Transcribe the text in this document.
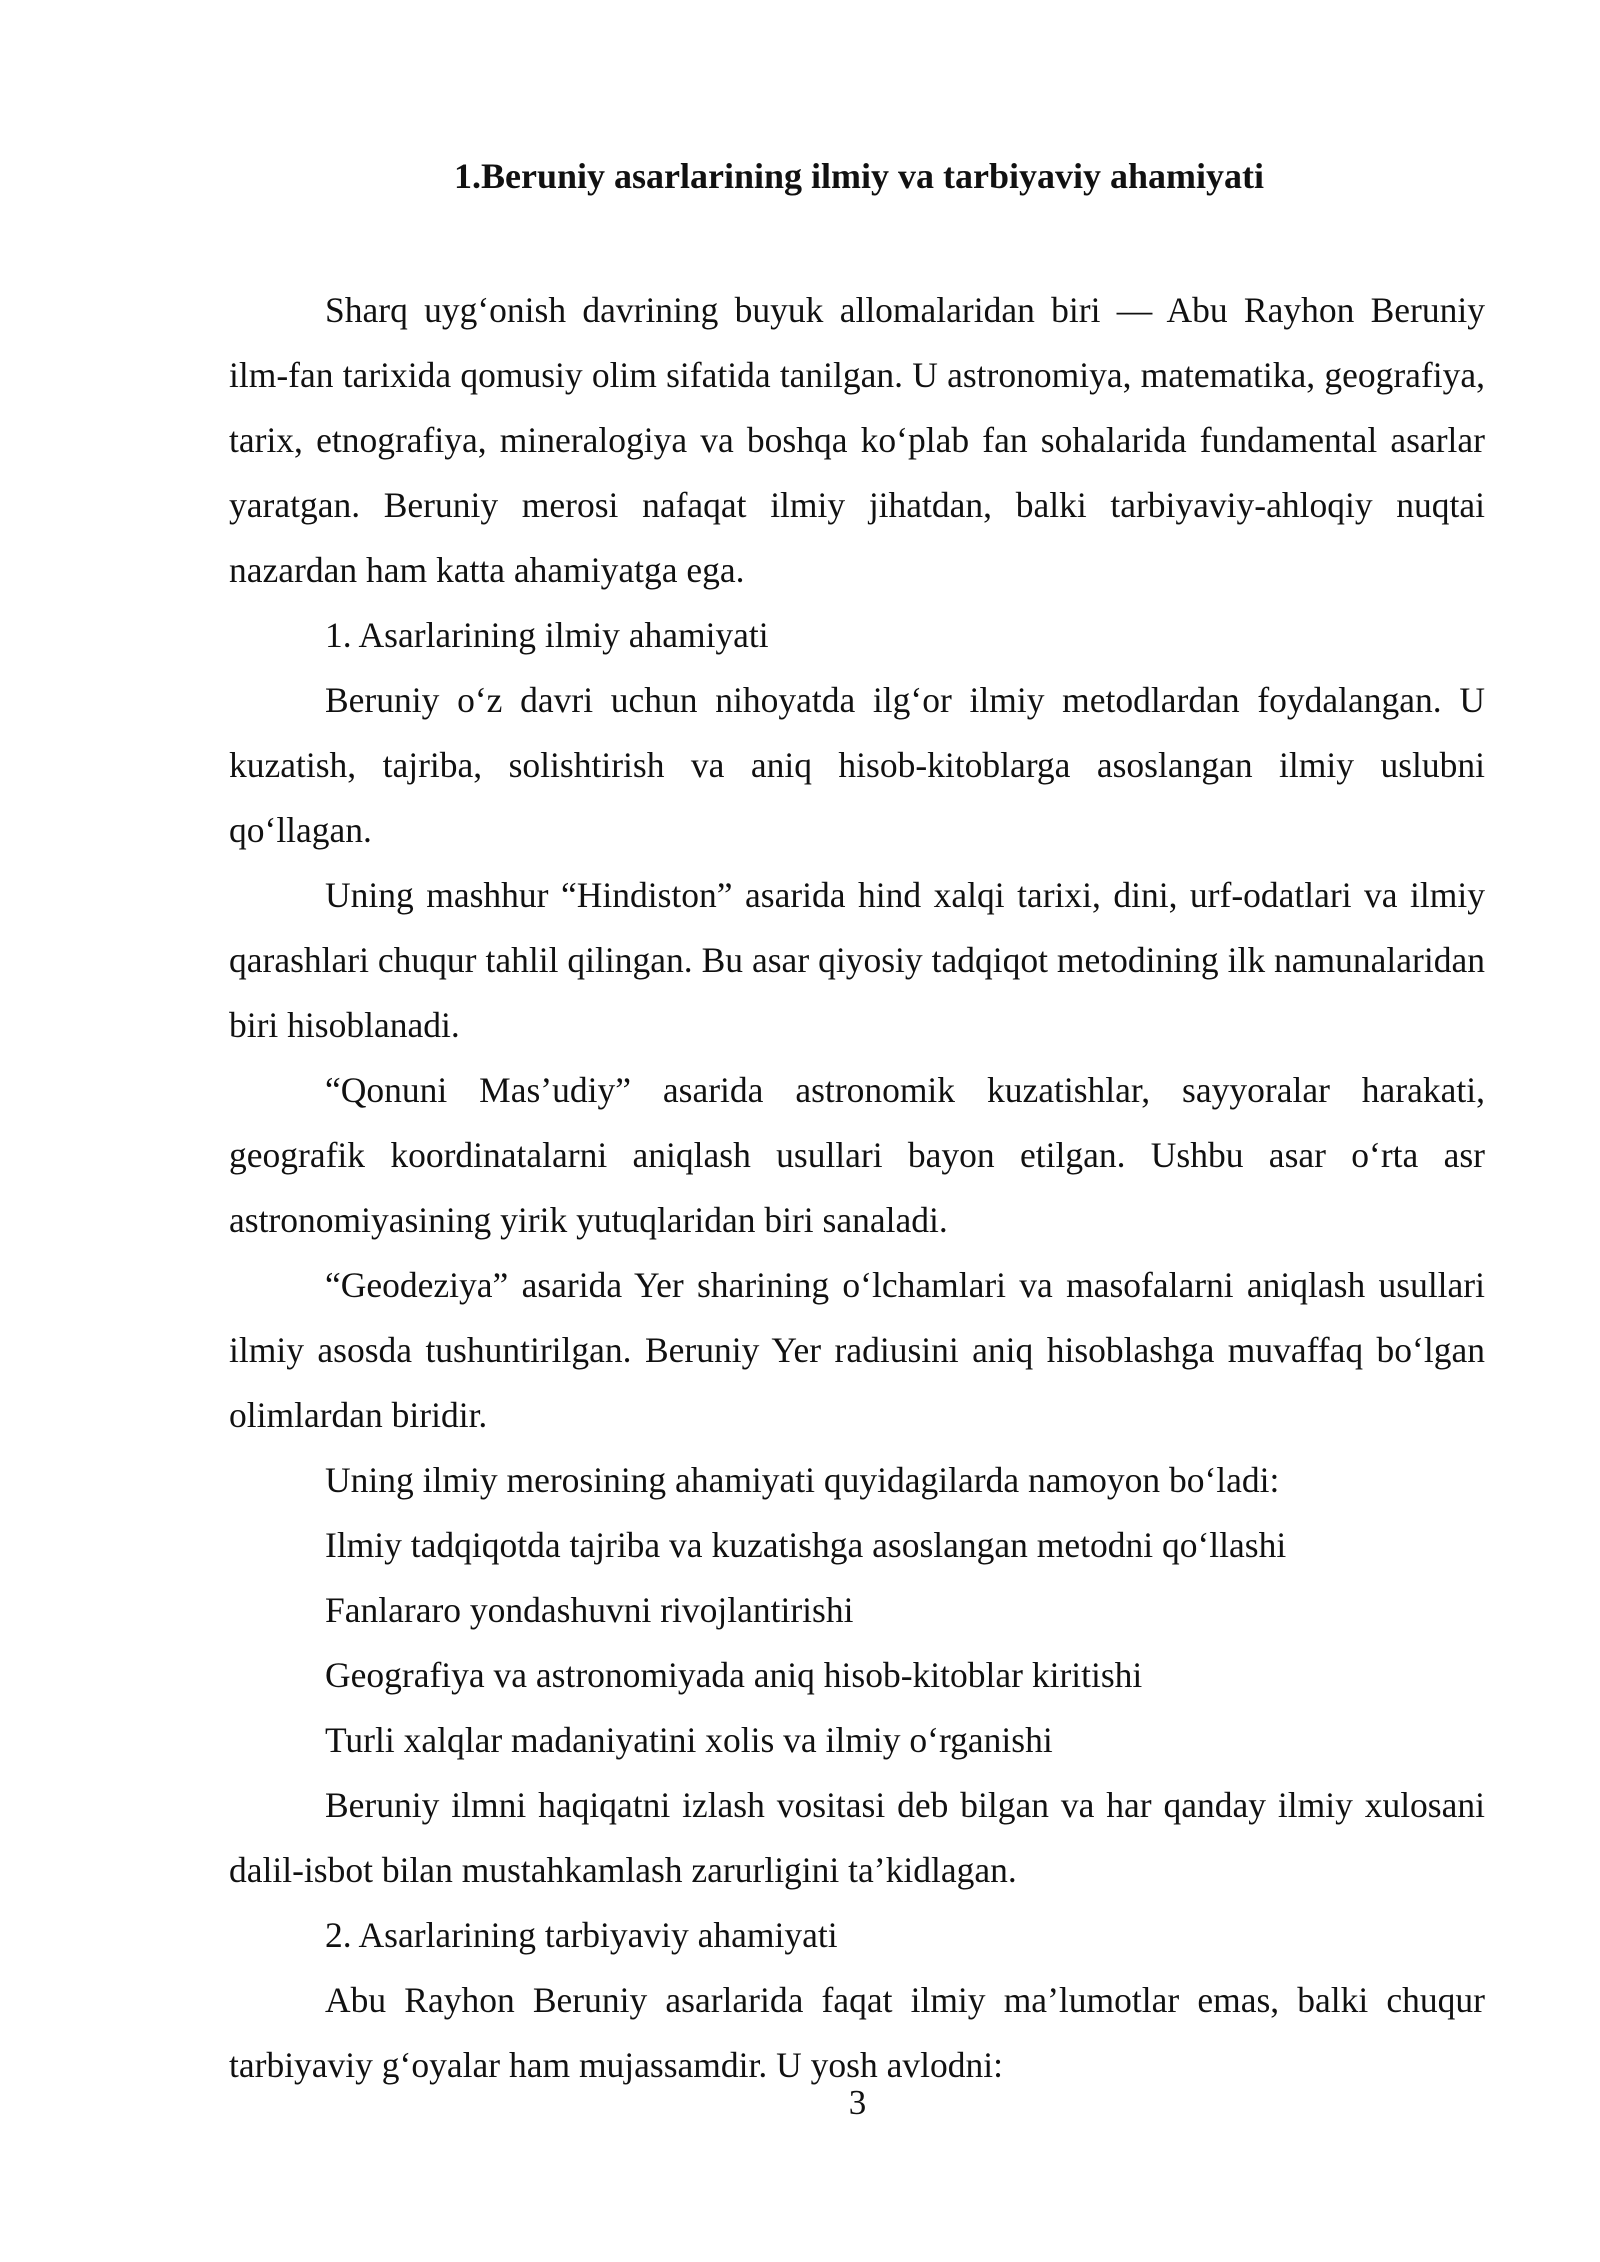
1.Beruniy asarlarining ilmiy va tarbiyaviy ahamiyati

Sharq uyg‘onish davrining buyuk allomalaridan biri — Abu Rayhon Beruniy ilm-fan tarixida qomusiy olim sifatida tanilgan. U astronomiya, matematika, geografiya, tarix, etnografiya, mineralogiya va boshqa ko‘plab fan sohalarida fundamental asarlar yaratgan. Beruniy merosi nafaqat ilmiy jihatdan, balki tarbiyaviy-ahloqiy nuqtai nazardan ham katta ahamiyatga ega.

1. Asarlarining ilmiy ahamiyati

Beruniy o‘z davri uchun nihoyatda ilg‘or ilmiy metodlardan foydalangan. U kuzatish, tajriba, solishtirish va aniq hisob-kitoblarga asoslangan ilmiy uslubni qo‘llagan.

Uning mashhur “Hindiston” asarida hind xalqi tarixi, dini, urf-odatlari va ilmiy qarashlari chuqur tahlil qilingan. Bu asar qiyosiy tadqiqot metodining ilk namunalaridan biri hisoblanadi.

“Qonuni Mas’udiy” asarida astronomik kuzatishlar, sayyoralar harakati, geografik koordinatalarni aniqlash usullari bayon etilgan. Ushbu asar o‘rta asr astronomiyasining yirik yutuqlaridan biri sanaladi.

“Geodeziya” asarida Yer sharining o‘lchamlari va masofalarni aniqlash usullari ilmiy asosda tushuntirilgan. Beruniy Yer radiusini aniq hisoblashga muvaffaq bo‘lgan olimlardan biridir.

Uning ilmiy merosining ahamiyati quyidagilarda namoyon bo‘ladi:

Ilmiy tadqiqotda tajriba va kuzatishga asoslangan metodni qo‘llashi

Fanlararo yondashuvni rivojlantirishi

Geografiya va astronomiyada aniq hisob-kitoblar kiritishi

Turli xalqlar madaniyatini xolis va ilmiy o‘rganishi

Beruniy ilmni haqiqatni izlash vositasi deb bilgan va har qanday ilmiy xulosani dalil-isbot bilan mustahkamlash zarurligini ta’kidlagan.

2. Asarlarining tarbiyaviy ahamiyati

Abu Rayhon Beruniy asarlarida faqat ilmiy ma’lumotlar emas, balki chuqur tarbiyaviy g‘oyalar ham mujassamdir. U yosh avlodni:

3
